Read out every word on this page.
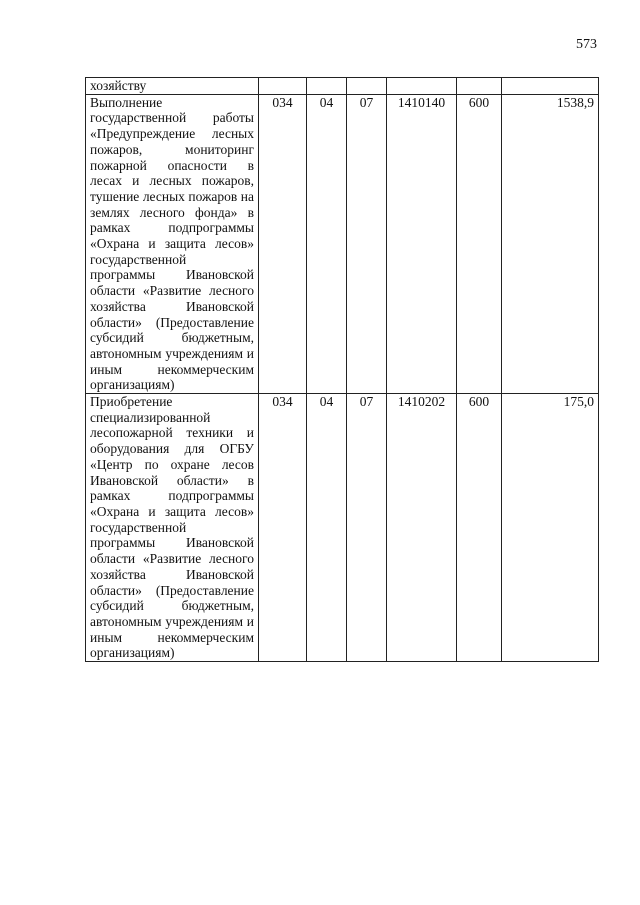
573
хозяйству						
Выполнение государственной работы «Предупреждение лесных пожаров, мониторинг пожарной опасности в лесах и лесных пожаров, тушение лесных пожаров на землях лесного фонда» в рамках подпрограммы «Охрана и защита лесов» государственной программы Ивановской области «Развитие лесного хозяйства Ивановской области» (Предоставление субсидий бюджетным, автономным учреждениям и иным некоммерческим организациям)	034	04	07	1410140	600	1538,9
Приобретение специализированной лесопожарной техники и оборудования для ОГБУ «Центр по охране лесов Ивановской области» в рамках подпрограммы «Охрана и защита лесов» государственной программы Ивановской области «Развитие лесного хозяйства Ивановской области» (Предоставление субсидий бюджетным, автономным учреждениям и иным некоммерческим организациям)	034	04	07	1410202	600	175,0
